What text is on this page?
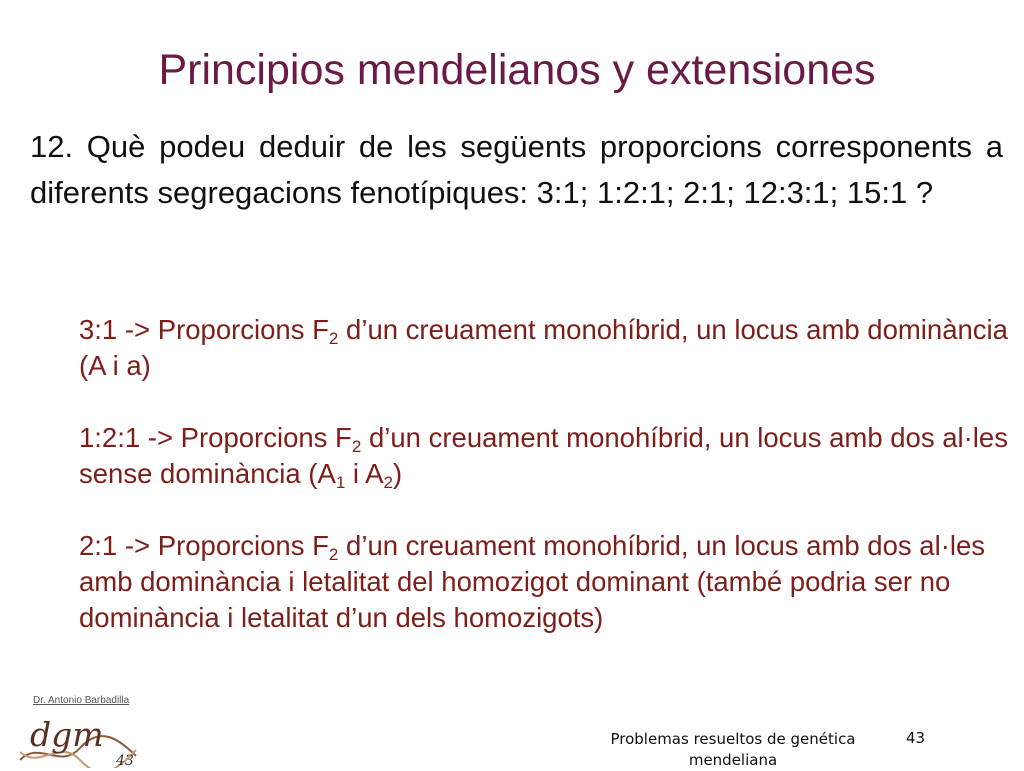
Principios mendelianos y extensiones
12. Què podeu deduir de les següents proporcions corresponents a diferents segregacions fenotípiques: 3:1; 1:2:1; 2:1; 12:3:1; 15:1 ?

3:1 -> Proporcions $F_2$ d’un creuament monohíbrid, un locus amb dominància (A i a)

1:2:1 -> Proporcions $F_2$ d’un creuament monohíbrid, un locus amb dos al·les sense dominància ($A_1$ i $A_2$)

2:1 -> Proporcions $F_2$ d’un creuament monohíbrid, un locus amb dos al·les amb dominància i letalitat del homozigot dominant (també podria ser no dominància i letalitat d’un dels homozigots)

Dr. Antonio Barbadilla
dgm
43
Problemas resueltos de genética mendeliana
43
